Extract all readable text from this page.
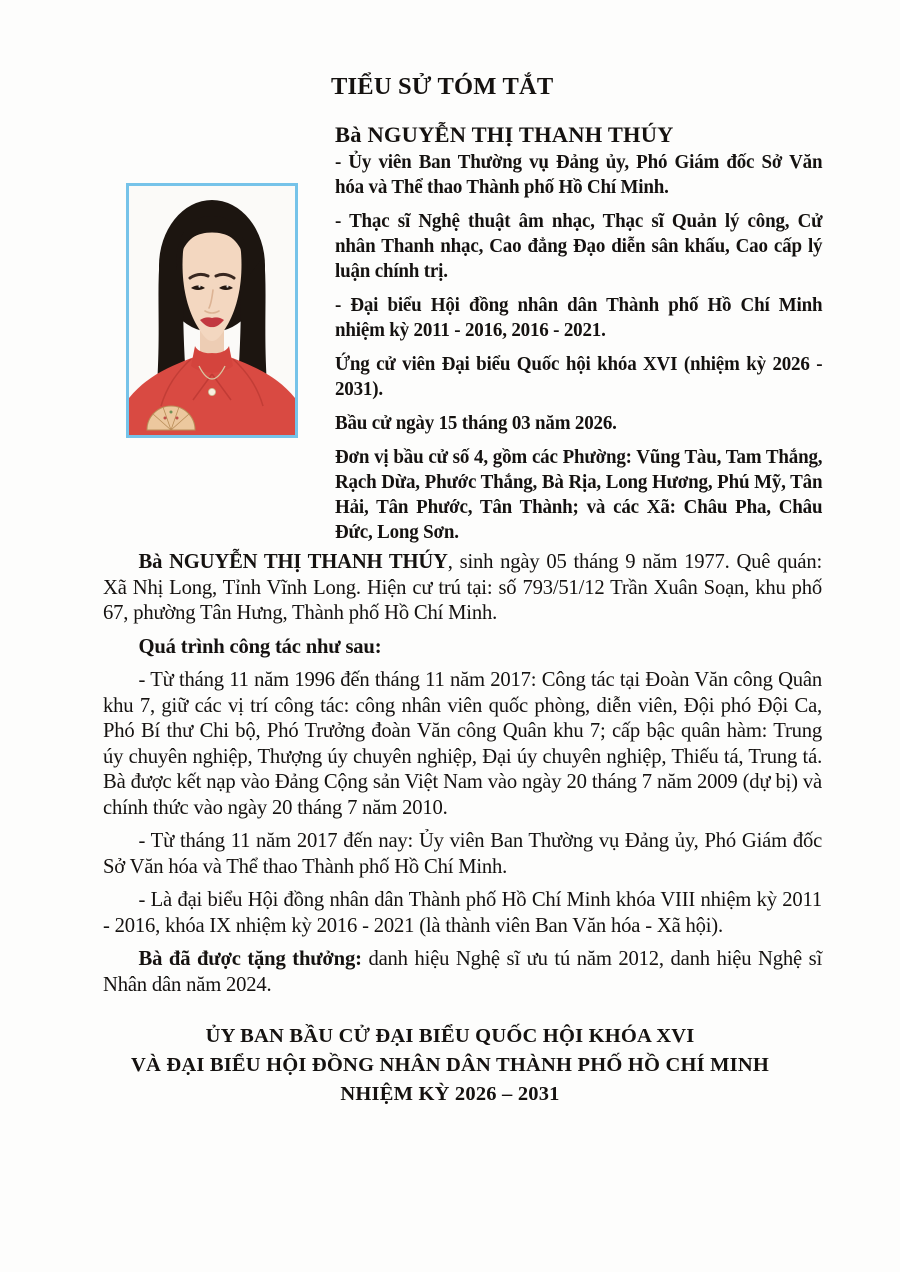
TIỂU SỬ TÓM TẮT
Bà NGUYỄN THỊ THANH THÚY

- Ủy viên Ban Thường vụ Đảng ủy, Phó Giám đốc Sở Văn hóa và Thể thao Thành phố Hồ Chí Minh.

- Thạc sĩ Nghệ thuật âm nhạc, Thạc sĩ Quản lý công, Cử nhân Thanh nhạc, Cao đẳng Đạo diễn sân khấu, Cao cấp lý luận chính trị.

- Đại biểu Hội đồng nhân dân Thành phố Hồ Chí Minh nhiệm kỳ 2011 - 2016, 2016 - 2021.

Ứng cử viên Đại biểu Quốc hội khóa XVI (nhiệm kỳ 2026 - 2031).

Bầu cử ngày 15 tháng 03 năm 2026.

Đơn vị bầu cử số 4, gồm các Phường: Vũng Tàu, Tam Thắng, Rạch Dừa, Phước Thắng, Bà Rịa, Long Hương, Phú Mỹ, Tân Hải, Tân Phước, Tân Thành; và các Xã: Châu Pha, Châu Đức, Long Sơn.

Bà NGUYỄN THỊ THANH THÚY, sinh ngày 05 tháng 9 năm 1977. Quê quán: Xã Nhị Long, Tỉnh Vĩnh Long. Hiện cư trú tại: số 793/51/12 Trần Xuân Soạn, khu phố 67, phường Tân Hưng, Thành phố Hồ Chí Minh.

Quá trình công tác như sau:

- Từ tháng 11 năm 1996 đến tháng 11 năm 2017: Công tác tại Đoàn Văn công Quân khu 7, giữ các vị trí công tác: công nhân viên quốc phòng, diễn viên, Đội phó Đội Ca, Phó Bí thư Chi bộ, Phó Trưởng đoàn Văn công Quân khu 7; cấp bậc quân hàm: Trung úy chuyên nghiệp, Thượng úy chuyên nghiệp, Đại úy chuyên nghiệp, Thiếu tá, Trung tá. Bà được kết nạp vào Đảng Cộng sản Việt Nam vào ngày 20 tháng 7 năm 2009 (dự bị) và chính thức vào ngày 20 tháng 7 năm 2010.

- Từ tháng 11 năm 2017 đến nay: Ủy viên Ban Thường vụ Đảng ủy, Phó Giám đốc Sở Văn hóa và Thể thao Thành phố Hồ Chí Minh.

- Là đại biểu Hội đồng nhân dân Thành phố Hồ Chí Minh khóa VIII nhiệm kỳ 2011 - 2016, khóa IX nhiệm kỳ 2016 - 2021 (là thành viên Ban Văn hóa - Xã hội).

Bà đã được tặng thưởng: danh hiệu Nghệ sĩ ưu tú năm 2012, danh hiệu Nghệ sĩ Nhân dân năm 2024.

ỦY BAN BẦU CỬ ĐẠI BIỂU QUỐC HỘI KHÓA XVI
VÀ ĐẠI BIỂU HỘI ĐỒNG NHÂN DÂN THÀNH PHỐ HỒ CHÍ MINH
NHIỆM KỲ 2026 – 2031
